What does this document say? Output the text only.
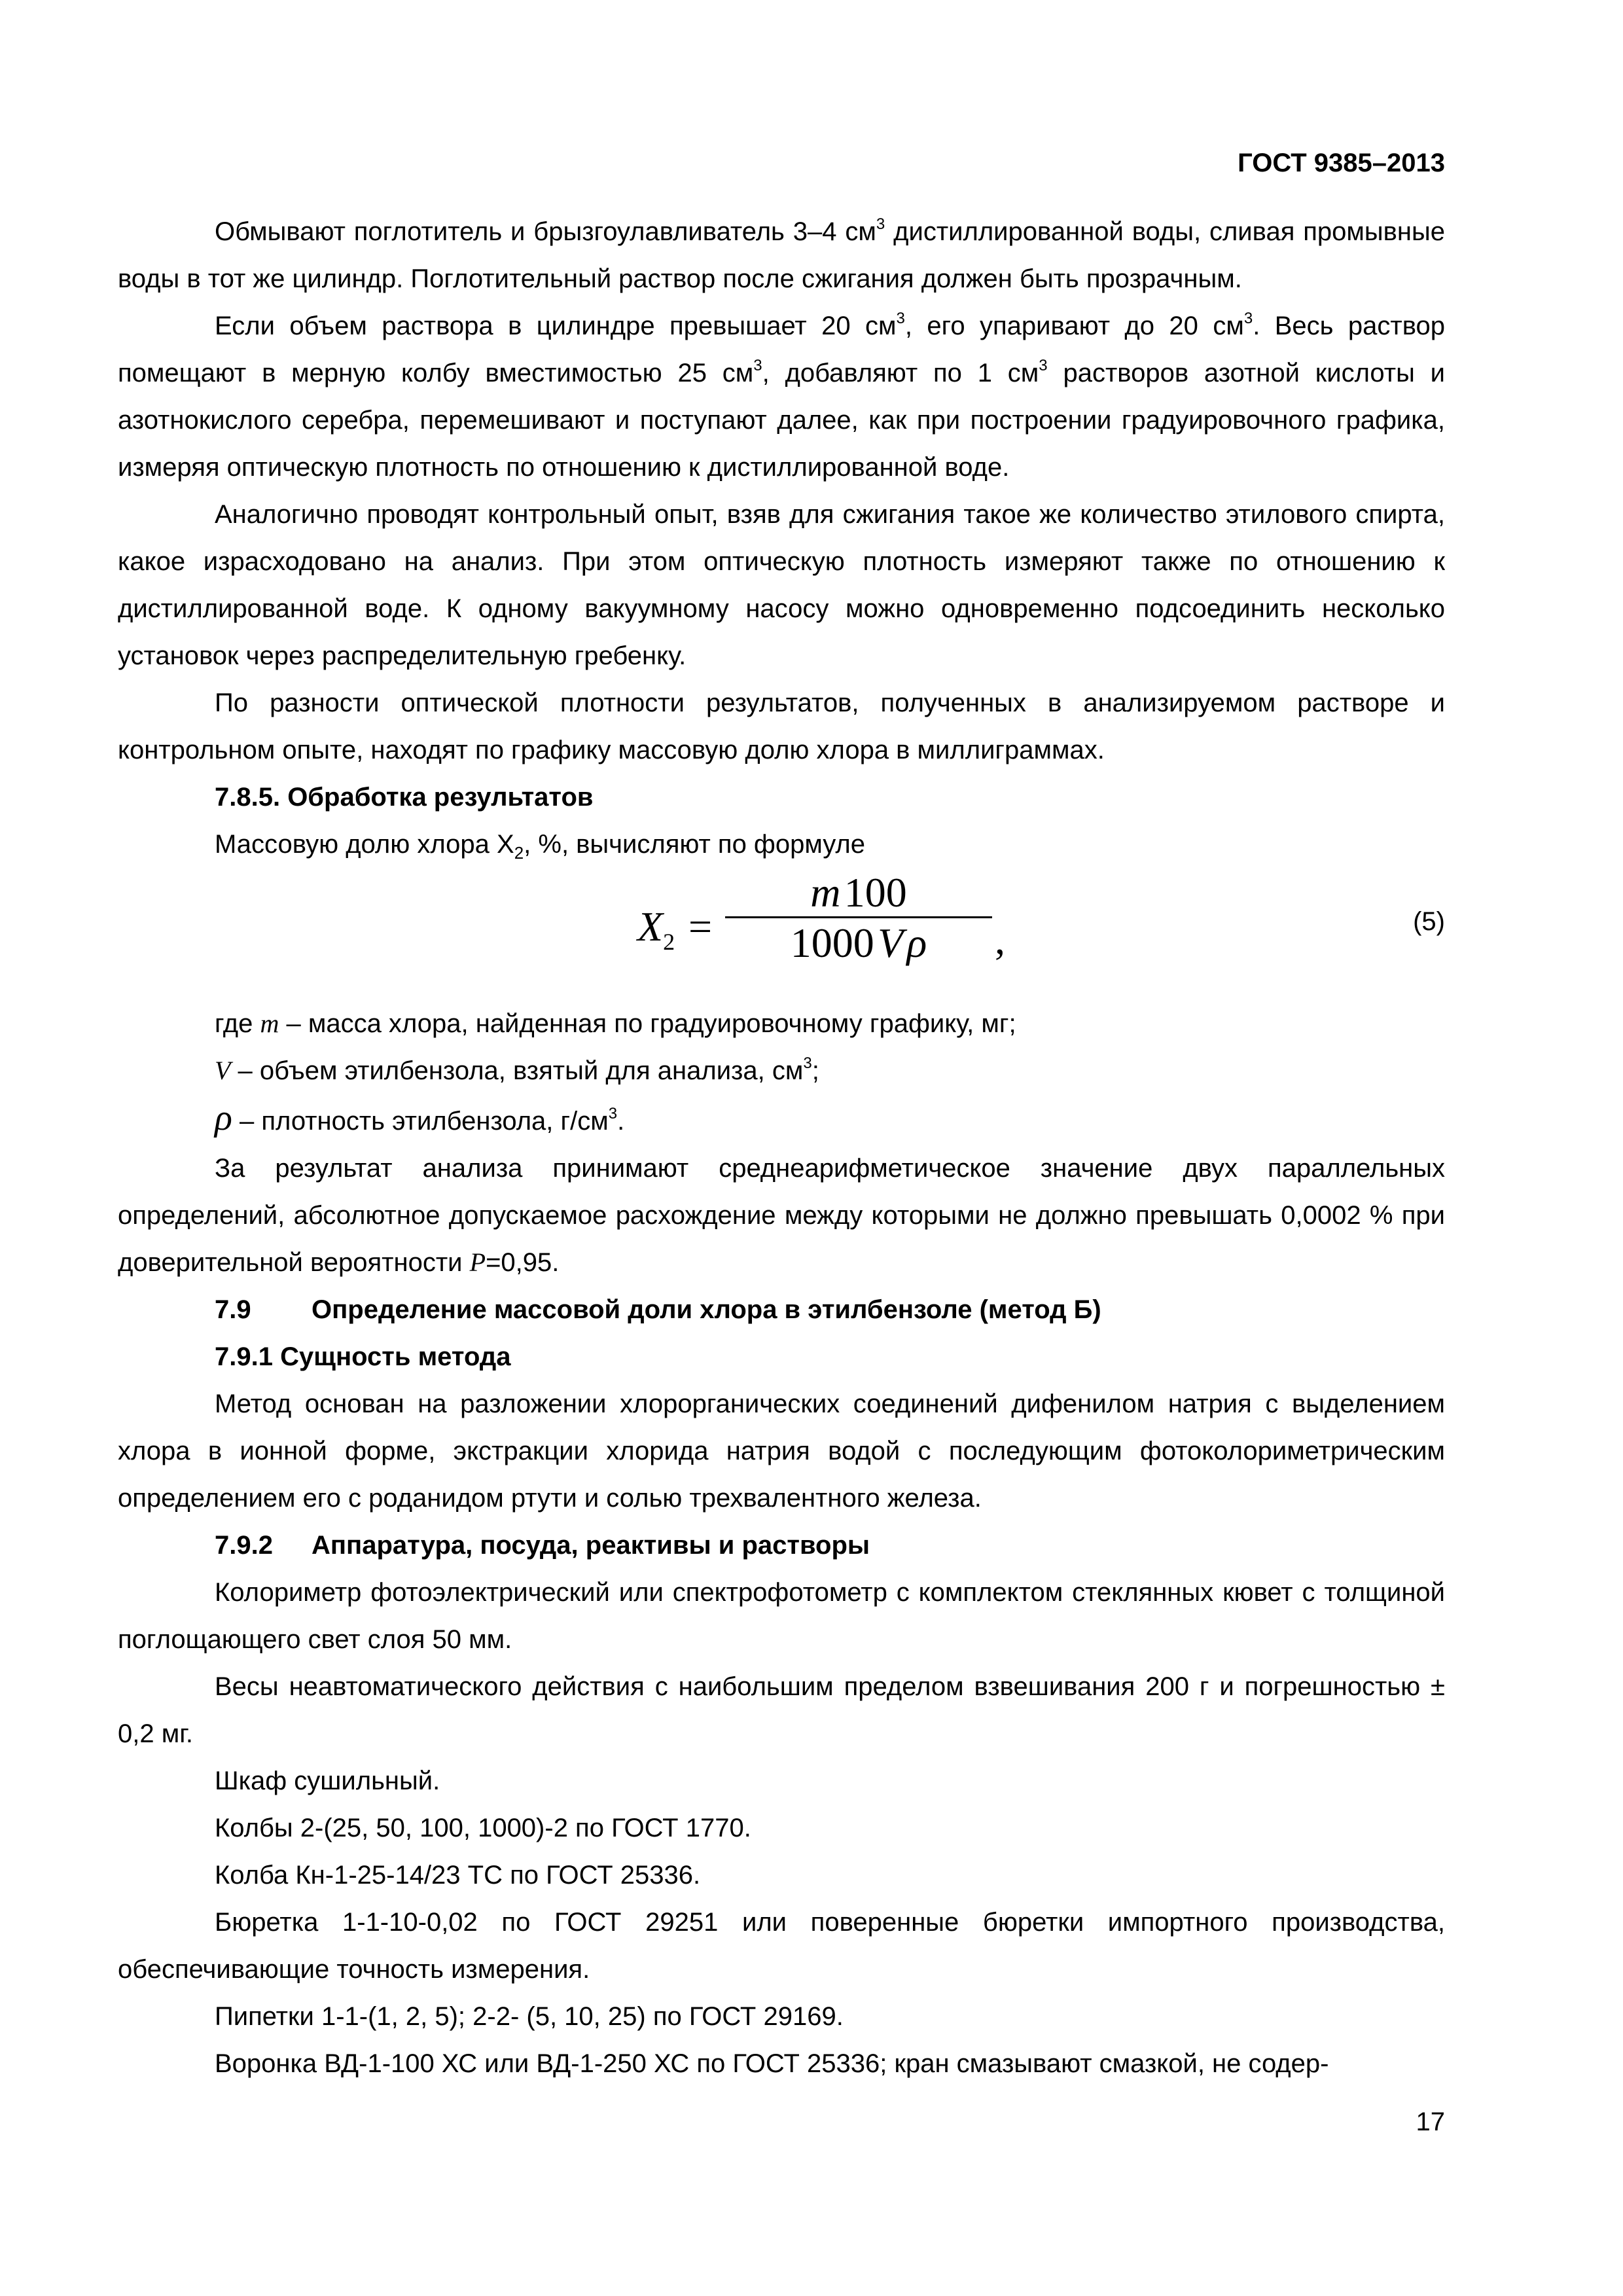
ГОСТ 9385–2013

Обмывают поглотитель и брызгоулавливатель 3–4 $см^3$ дистиллированной воды, сливая промывные воды в тот же цилиндр. Поглотительный раствор после сжигания должен быть прозрачным.

Если объем раствора в цилиндре превышает 20 $см^3$, его упаривают до 20 $см^3$. Весь раствор помещают в мерную колбу вместимостью 25 $см^3$, добавляют по 1 $см^3$ растворов азотной кислоты и азотнокислого серебра, перемешивают и поступают далее, как при построении градуировочного графика, измеряя оптическую плотность по отношению к дистиллированной воде.

Аналогично проводят контрольный опыт, взяв для сжигания такое же количество этилового спирта, какое израсходовано на анализ. При этом оптическую плотность измеряют также по отношению к дистиллированной воде. К одному вакуумному насосу можно одновременно подсоединить несколько установок через распределительную гребенку.

По разности оптической плотности результатов, полученных в анализируемом растворе и контрольном опыте, находят по графику массовую долю хлора в миллиграммах.

7.8.5. Обработка результатов

Массовую долю хлора $X_2$, %, вычисляют по формуле

$X_2$ =
m 100
1000 V ρ	,	(5)

где m – масса хлора, найденная по градуировочному графику, мг;

V – объем этилбензола, взятый для анализа, $см^3$;

ρ – плотность этилбензола, $г/см^3$.

За результат анализа принимают среднеарифметическое значение двух параллельных определений, абсолютное допускаемое расхождение между которыми не должно превышать 0,0002 % при доверительной вероятности P=0,95.

7.9 Определение массовой доли хлора в этилбензоле (метод Б)

7.9.1 Сущность метода

Метод основан на разложении хлорорганических соединений дифенилом натрия с выделением хлора в ионной форме, экстракции хлорида натрия водой с последующим фотоколориметрическим определением его с роданидом ртути и солью трехвалентного железа.

7.9.2 Аппаратура, посуда, реактивы и растворы

Колориметр фотоэлектрический или спектрофотометр с комплектом стеклянных кювет с толщиной поглощающего свет слоя 50 мм.

Весы неавтоматического действия с наибольшим пределом взвешивания 200 г и погрешностью ± 0,2 мг.

Шкаф сушильный.

Колбы 2-(25, 50, 100, 1000)-2 по ГОСТ 1770.

Колба Кн-1-25-14/23 ТС по ГОСТ 25336.

Бюретка 1-1-10-0,02 по ГОСТ 29251 или поверенные бюретки импортного производства, обеспечивающие точность измерения.

Пипетки 1-1-(1, 2, 5); 2-2- (5, 10, 25) по ГОСТ 29169.

Воронка ВД-1-100 ХС или ВД-1-250 ХС по ГОСТ 25336; кран смазывают смазкой, не содер-

17
